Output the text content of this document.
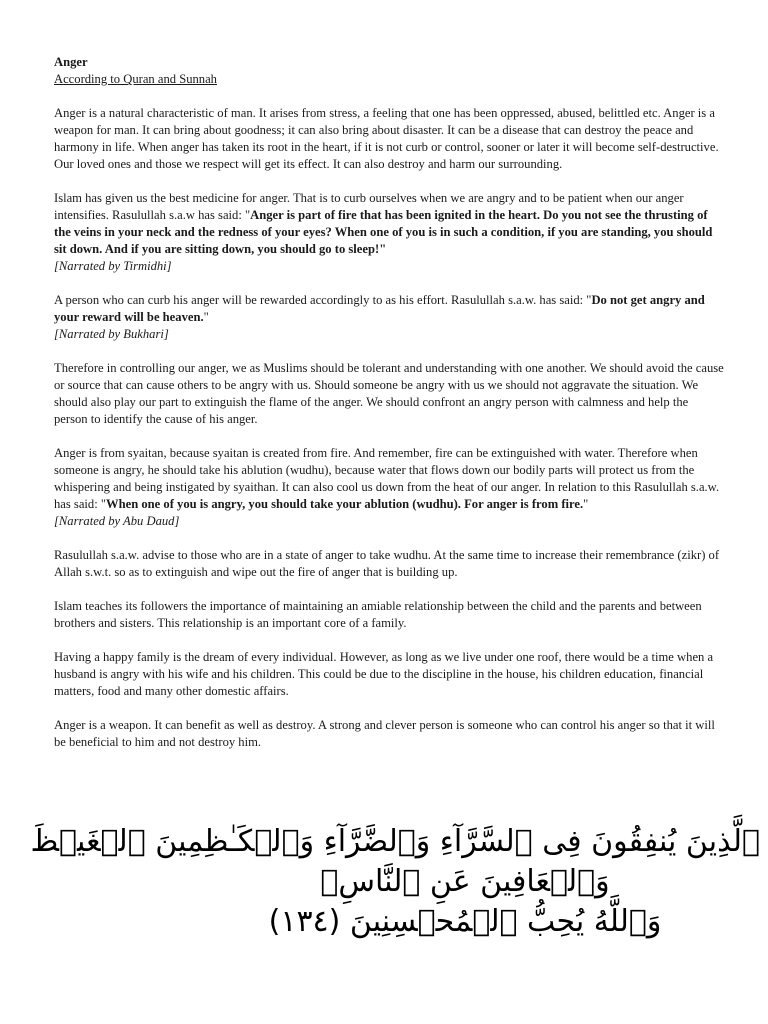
Anger
According to Quran and Sunnah

Anger is a natural characteristic of man. It arises from stress, a feeling that one has been oppressed, abused, belittled etc. Anger is a weapon for man. It can bring about goodness; it can also bring about disaster. It can be a disease that can destroy the peace and harmony in life. When anger has taken its root in the heart, if it is not curb or control, sooner or later it will become self-destructive. Our loved ones and those we respect will get its effect. It can also destroy and harm our surrounding.

Islam has given us the best medicine for anger. That is to curb ourselves when we are angry and to be patient when our anger intensifies. Rasulullah s.a.w has said: "Anger is part of fire that has been ignited in the heart. Do you not see the thrusting of the veins in your neck and the redness of your eyes? When one of you is in such a condition, if you are standing, you should sit down. And if you are sitting down, you should go to sleep!"

[Narrated by Tirmidhi]

A person who can curb his anger will be rewarded accordingly to as his effort. Rasulullah s.a.w. has said: "Do not get angry and your reward will be heaven."

[Narrated by Bukhari]

Therefore in controlling our anger, we as Muslims should be tolerant and understanding with one another. We should avoid the cause or source that can cause others to be angry with us. Should someone be angry with us we should not aggravate the situation. We should also play our part to extinguish the flame of the anger. We should confront an angry person with calmness and help the person to identify the cause of his anger.

Anger is from syaitan, because syaitan is created from fire. And remember, fire can be extinguished with water. Therefore when someone is angry, he should take his ablution (wudhu), because water that flows down our bodily parts will protect us from the whispering and being instigated by syaithan. It can also cool us down from the heat of our anger. In relation to this Rasulullah s.a.w. has said: "When one of you is angry, you should take your ablution (wudhu). For anger is from fire."

[Narrated by Abu Daud]

Rasulullah s.a.w. advise to those who are in a state of anger to take wudhu. At the same time to increase their remembrance (zikr) of Allah s.w.t. so as to extinguish and wipe out the fire of anger that is building up.

Islam teaches its followers the importance of maintaining an amiable relationship between the child and the parents and between brothers and sisters. This relationship is an important core of a family.

Having a happy family is the dream of every individual. However, as long as we live under one roof, there would be a time when a husband is angry with his wife and his children. This could be due to the discipline in the house, his children education, financial matters, food and many other domestic affairs.

Anger is a weapon. It can benefit as well as destroy. A strong and clever person is someone who can control his anger so that it will be beneficial to him and not destroy him.

ٱلَّذِينَ يُنفِقُونَ فِى ٱلسَّرَّآءِ وَٱلضَّرَّآءِ وَٱلۡكَـٰظِمِينَ ٱلۡغَيۡظَ
وَٱلۡعَافِينَ عَنِ ٱلنَّاسِۗ
وَٱللَّهُ يُحِبُّ ٱلۡمُحۡسِنِينَ (١٣٤)
